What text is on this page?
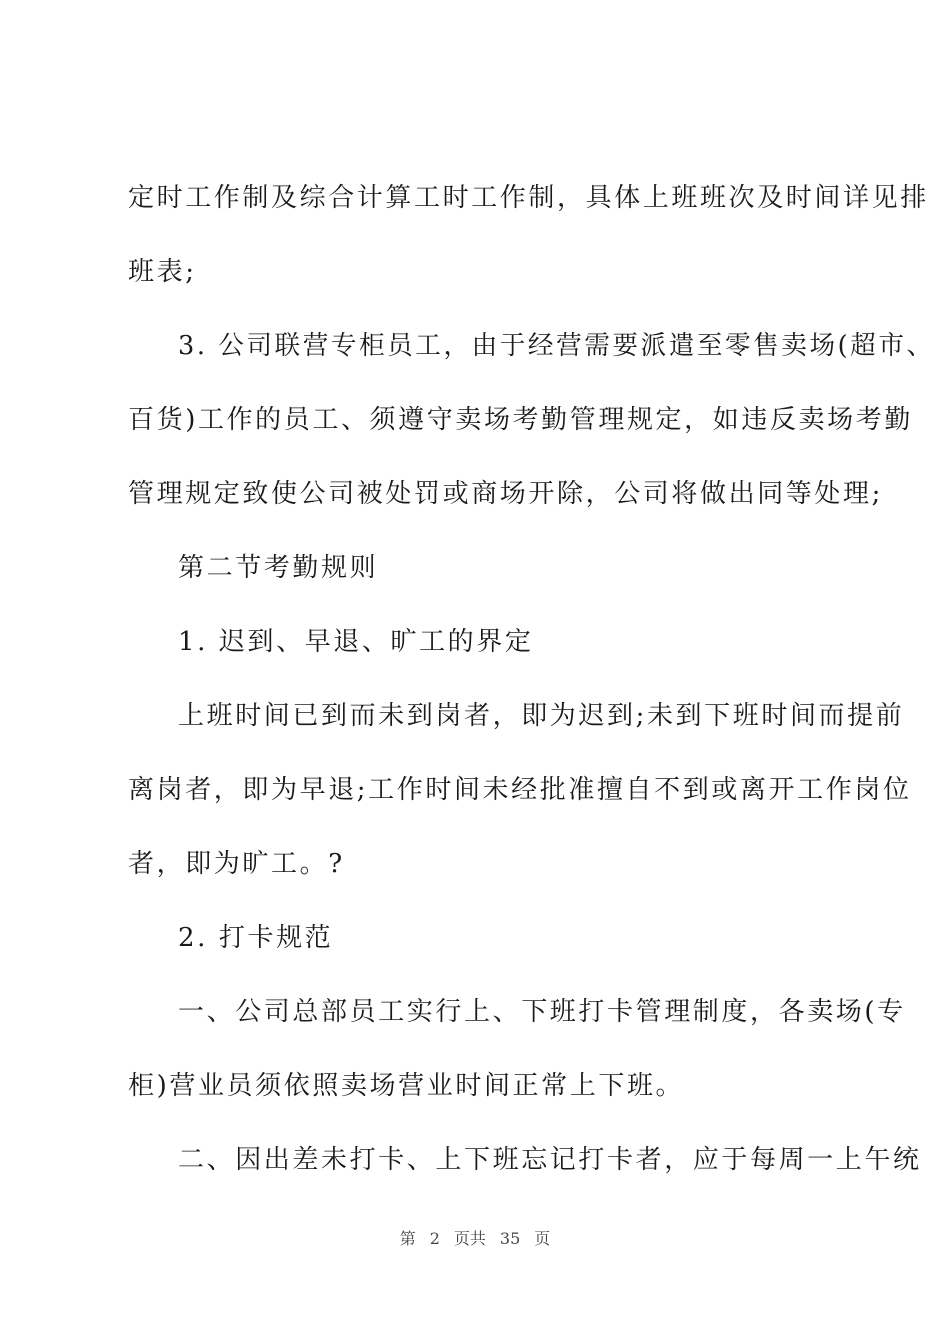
定时工作制及综合计算工时工作制，具体上班班次及时间详见排
班表;
3. 公司联营专柜员工，由于经营需要派遣至零售卖场(超市、
百货)工作的员工、须遵守卖场考勤管理规定，如违反卖场考勤
管理规定致使公司被处罚或商场开除，公司将做出同等处理;
第二节考勤规则
1. 迟到、早退、旷工的界定
上班时间已到而未到岗者，即为迟到;未到下班时间而提前
离岗者，即为早退;工作时间未经批准擅自不到或离开工作岗位
者，即为旷工。?
2. 打卡规范
一、公司总部员工实行上、下班打卡管理制度，各卖场(专
柜)营业员须依照卖场营业时间正常上下班。
二、因出差未打卡、上下班忘记打卡者，应于每周一上午统
第 2 页共 35 页
